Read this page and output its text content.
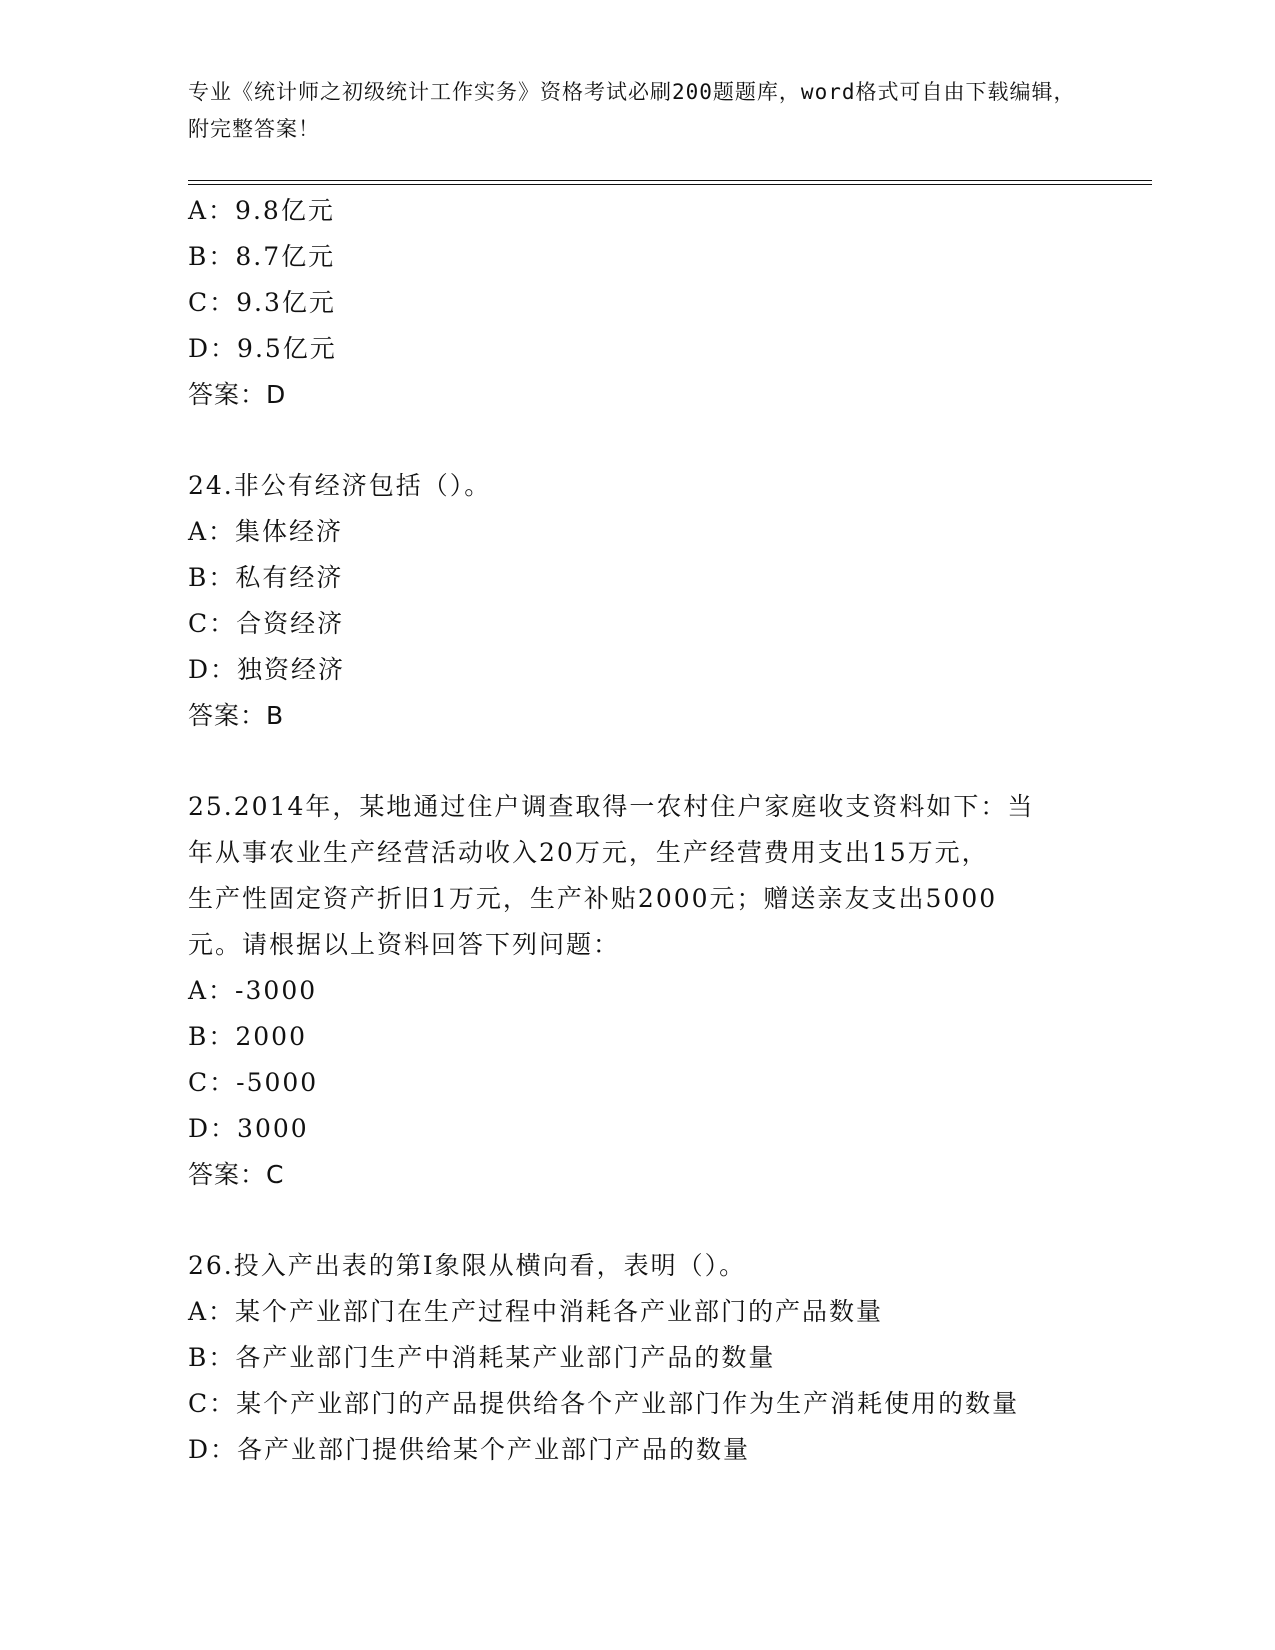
专业《统计师之初级统计工作实务》资格考试必刷200题题库，word格式可自由下载编辑，附完整答案！
A：9.8亿元
B：8.7亿元
C：9.3亿元
D：9.5亿元
答案：D
24.非公有经济包括（）。
A：集体经济
B：私有经济
C：合资经济
D：独资经济
答案：B
25.2014年，某地通过住户调查取得一农村住户家庭收支资料如下：当
年从事农业生产经营活动收入20万元，生产经营费用支出15万元，
生产性固定资产折旧1万元，生产补贴2000元；赠送亲友支出5000
元。请根据以上资料回答下列问题：
A：-3000
B：2000
C：-5000
D：3000
答案：C
26.投入产出表的第Ⅰ象限从横向看，表明（）。
A：某个产业部门在生产过程中消耗各产业部门的产品数量
B：各产业部门生产中消耗某产业部门产品的数量
C：某个产业部门的产品提供给各个产业部门作为生产消耗使用的数量
D：各产业部门提供给某个产业部门产品的数量
